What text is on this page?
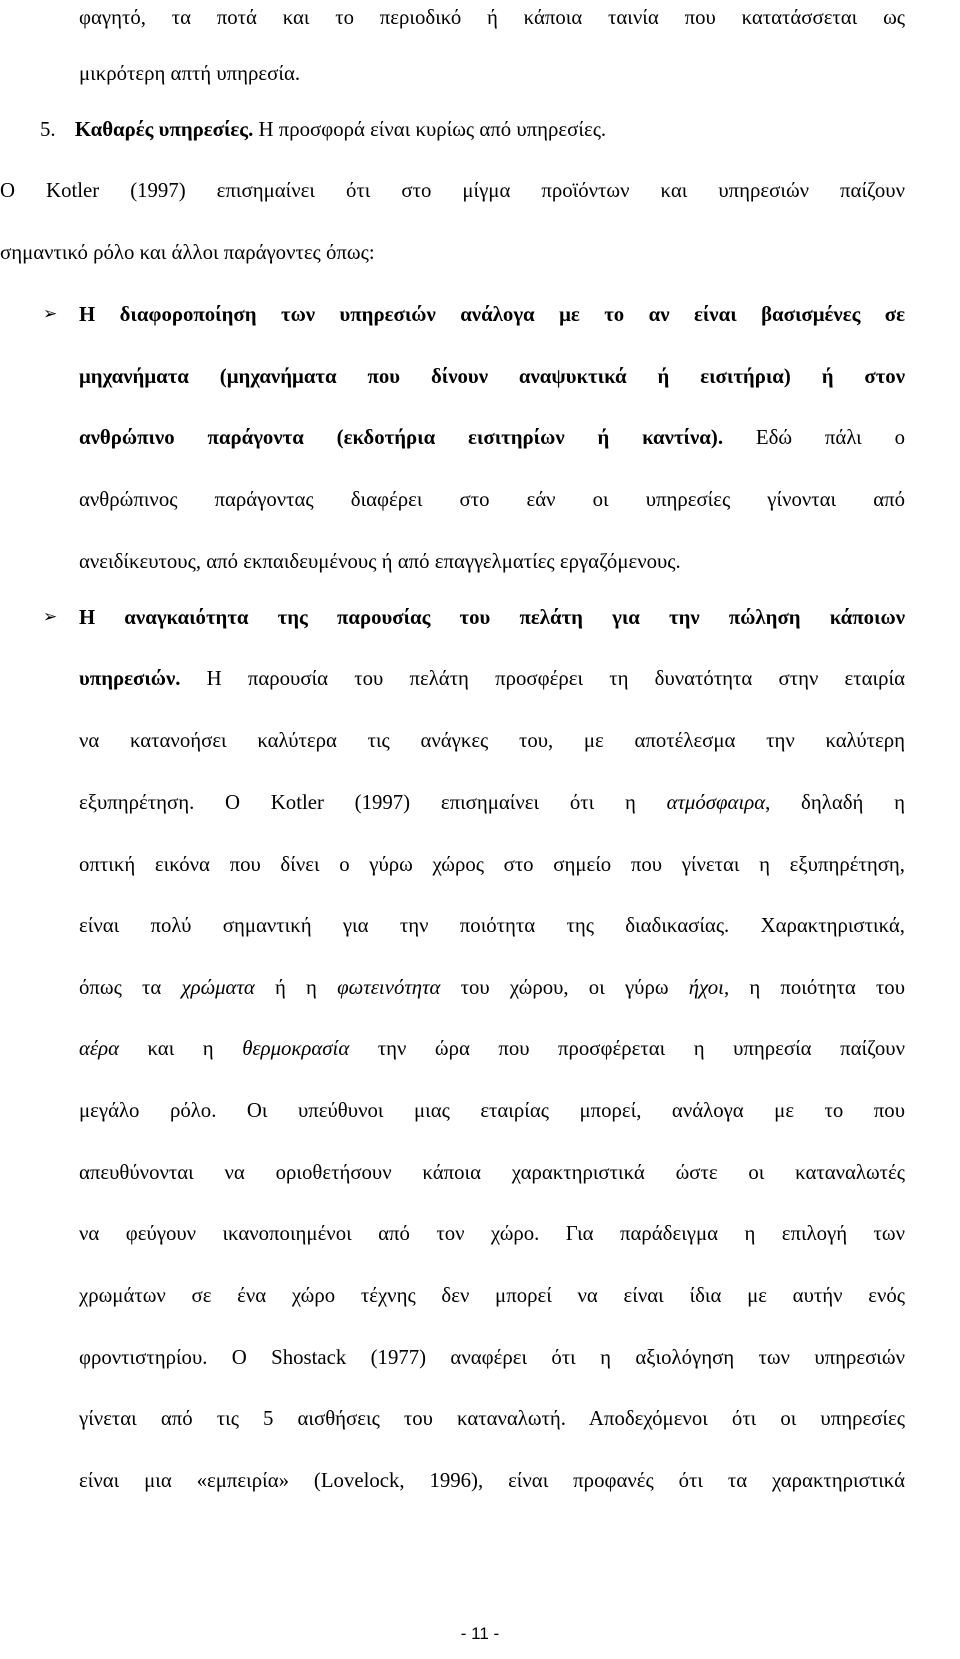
φαγητό, τα ποτά και το περιοδικό ή κάποια ταινία που κατατάσσεται ως
μικρότερη απτή υπηρεσία.
5. Καθαρές υπηρεσίες. Η προσφορά είναι κυρίως από υπηρεσίες.
Ο Kotler (1997) επισημαίνει ότι στο μίγμα προϊόντων και υπηρεσιών παίζουν
σημαντικό ρόλο και άλλοι παράγοντες όπως:
➢ Η διαφοροποίηση των υπηρεσιών ανάλογα με το αν είναι βασισμένες σε
μηχανήματα (μηχανήματα που δίνουν αναψυκτικά ή εισιτήρια) ή στον
ανθρώπινο παράγοντα (εκδοτήρια εισιτηρίων ή καντίνα). Εδώ πάλι ο
ανθρώπινος παράγοντας διαφέρει στο εάν οι υπηρεσίες γίνονται από
ανειδίκευτους, από εκπαιδευμένους ή από επαγγελματίες εργαζόμενους.
➢ Η αναγκαιότητα της παρουσίας του πελάτη για την πώληση κάποιων
υπηρεσιών. Η παρουσία του πελάτη προσφέρει τη δυνατότητα στην εταιρία
να κατανοήσει καλύτερα τις ανάγκες του, με αποτέλεσμα την καλύτερη
εξυπηρέτηση. Ο Kotler (1997) επισημαίνει ότι η ατμόσφαιρα, δηλαδή η
οπτική εικόνα που δίνει ο γύρω χώρος στο σημείο που γίνεται η εξυπηρέτηση,
είναι πολύ σημαντική για την ποιότητα της διαδικασίας. Χαρακτηριστικά,
όπως τα χρώματα ή η φωτεινότητα του χώρου, οι γύρω ήχοι, η ποιότητα του
αέρα και η θερμοκρασία την ώρα που προσφέρεται η υπηρεσία παίζουν
μεγάλο ρόλο. Οι υπεύθυνοι μιας εταιρίας μπορεί, ανάλογα με το που
απευθύνονται να οριοθετήσουν κάποια χαρακτηριστικά ώστε οι καταναλωτές
να φεύγουν ικανοποιημένοι από τον χώρο. Για παράδειγμα η επιλογή των
χρωμάτων σε ένα χώρο τέχνης δεν μπορεί να είναι ίδια με αυτήν ενός
φροντιστηρίου. Ο Shostack (1977) αναφέρει ότι η αξιολόγηση των υπηρεσιών
γίνεται από τις 5 αισθήσεις του καταναλωτή. Αποδεχόμενοι ότι οι υπηρεσίες
είναι μια «εμπειρία» (Lovelock, 1996), είναι προφανές ότι τα χαρακτηριστικά
- 11 -
